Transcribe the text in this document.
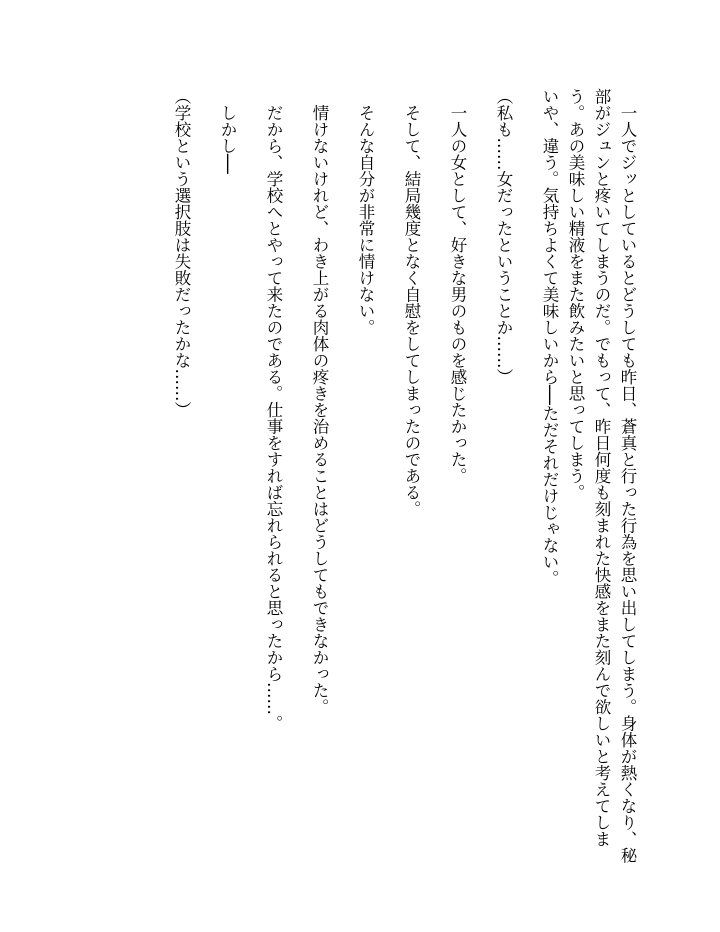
　一人でジッとしているとどうしても昨日、蒼真と行った行為を思い出してしまう。身体が熱くなり、秘部がジュンと疼いてしまうのだ。でもって、昨日何度も刻まれた快感をまた刻んで欲しいと考えてしまう。あの美味しい精液をまた飲みたいと思ってしまう。

いや、違う。気持ちよくて美味しいから──ただそれだけじゃない。

（私も……女だったということか……）

　一人の女として、好きな男のものを感じたかった。

　そして、結局幾度となく自慰をしてしまったのである。

　そんな自分が非常に情けない。

　情けないけれど、わき上がる肉体の疼きを治めることはどうしてもできなかった。

　だから、学校へとやって来たのである。仕事をすれば忘れられると思ったから……。

　しかし──

（学校という選択肢は失敗だったかな……）
